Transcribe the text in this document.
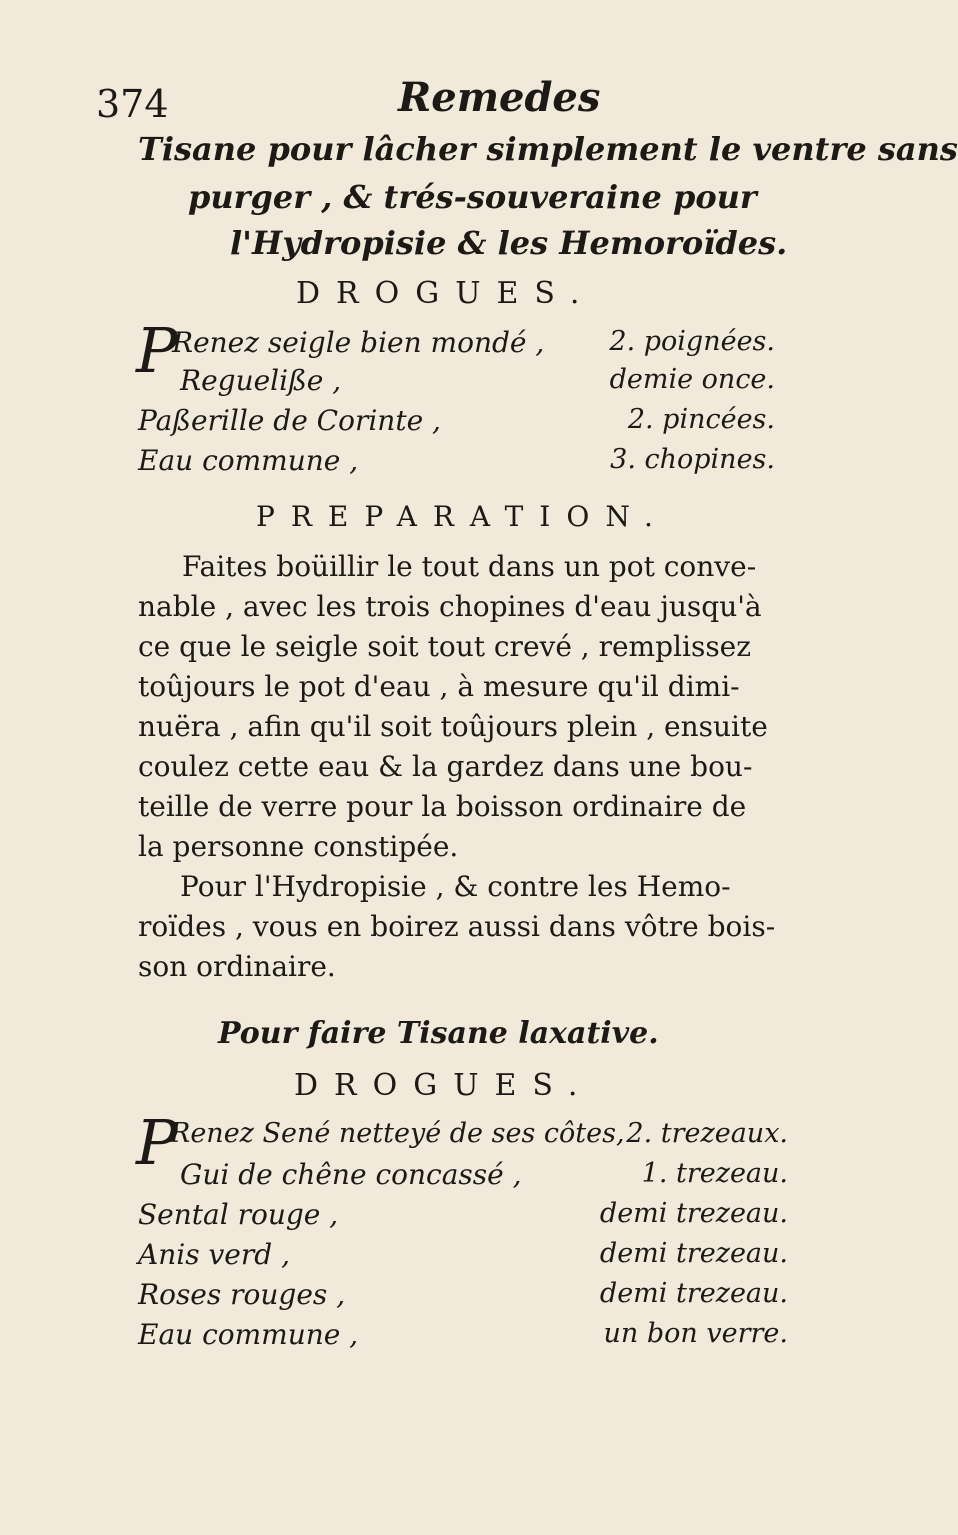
374	Remedes
Tisane pour lâcher simplement le ventre sans
purger , & trés-souveraine pour
l'Hydropisie & les Hemoroïdes.
DROGUES.
P
Renez seigle bien mondé ,	2. poignées.
Regueliße ,	demie once.
Paßerille de Corinte ,	2. pincées.
Eau commune ,	3. chopines.
PREPARATION.
Faites boüillir le tout dans un pot conve-
nable , avec les trois chopines d'eau jusqu'à
ce que le seigle soit tout crevé , remplissez
toûjours le pot d'eau , à mesure qu'il dimi-
nuëra , afin qu'il soit toûjours plein , ensuite
coulez cette eau & la gardez dans une bou-
teille de verre pour la boisson ordinaire de
la personne constipée.
Pour l'Hydropisie , & contre les Hemo-
roïdes , vous en boirez aussi dans vôtre bois-
son ordinaire.
Pour faire Tisane laxative.
DROGUES.
P
Renez Sené netteyé de ses côtes, 2. trezeaux.
Gui de chêne concassé ,	1. trezeau.
Sental rouge ,	demi trezeau.
Anis verd ,	demi trezeau.
Roses rouges ,	demi trezeau.
Eau commune ,	un bon verre.
